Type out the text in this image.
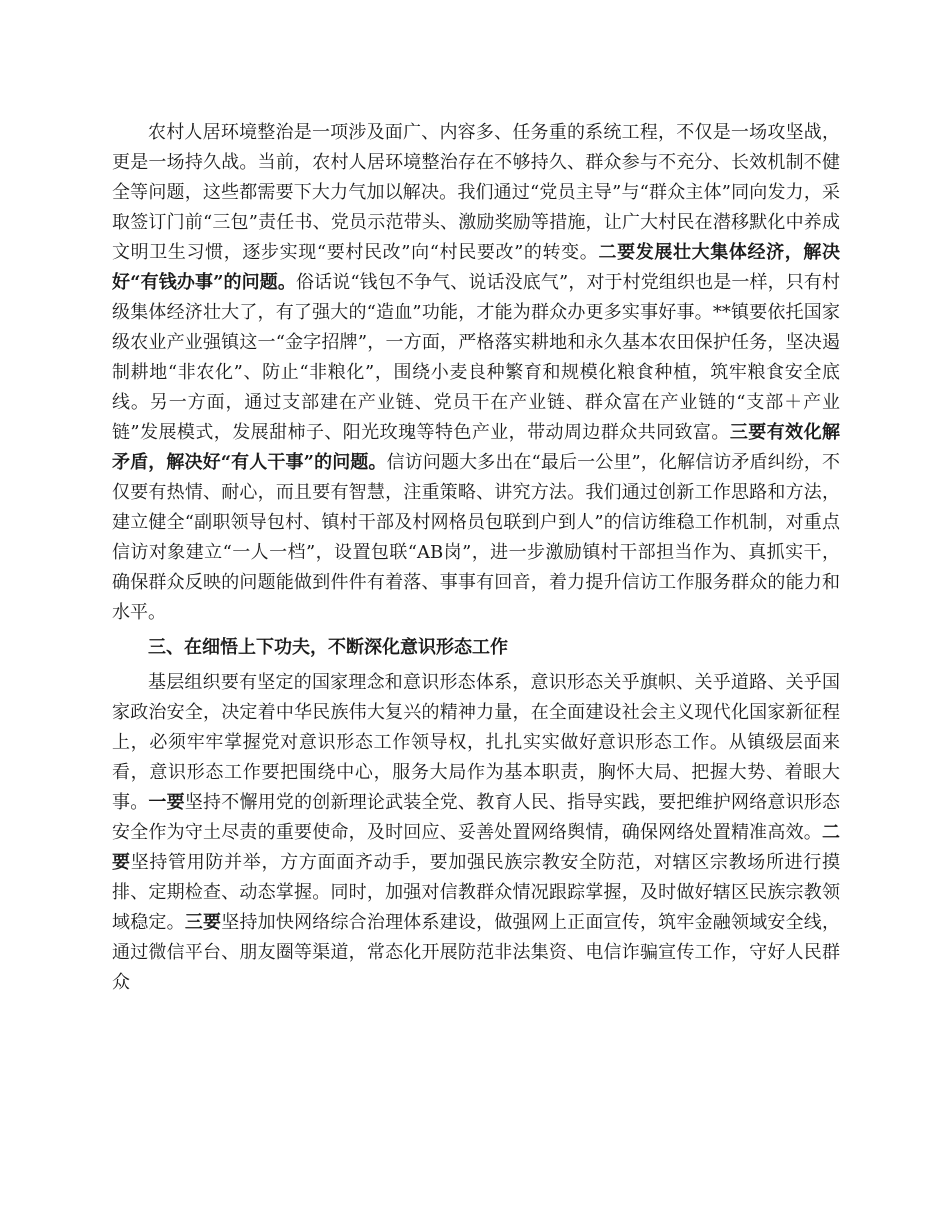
农村人居环境整治是一项涉及面广、内容多、任务重的系统工程，不仅是一场攻坚战，更是一场持久战。当前，农村人居环境整治存在不够持久、群众参与不充分、长效机制不健全等问题，这些都需要下大力气加以解决。我们通过“党员主导”与“群众主体”同向发力，采取签订门前“三包”责任书、党员示范带头、激励奖励等措施，让广大村民在潜移默化中养成文明卫生习惯，逐步实现“要村民改”向“村民要改”的转变。二要发展壮大集体经济，解决好“有钱办事”的问题。俗话说“钱包不争气、说话没底气”，对于村党组织也是一样，只有村级集体经济壮大了，有了强大的“造血”功能，才能为群众办更多实事好事。**镇要依托国家级农业产业强镇这一“金字招牌”，一方面，严格落实耕地和永久基本农田保护任务，坚决遏制耕地“非农化”、防止“非粮化”，围绕小麦良种繁育和规模化粮食种植，筑牢粮食安全底线。另一方面，通过支部建在产业链、党员干在产业链、群众富在产业链的“支部＋产业链”发展模式，发展甜柿子、阳光玫瑰等特色产业，带动周边群众共同致富。三要有效化解矛盾，解决好“有人干事”的问题。信访问题大多出在“最后一公里”，化解信访矛盾纠纷，不仅要有热情、耐心，而且要有智慧，注重策略、讲究方法。我们通过创新工作思路和方法，建立健全“副职领导包村、镇村干部及村网格员包联到户到人”的信访维稳工作机制，对重点信访对象建立“一人一档”，设置包联“AB岗”，进一步激励镇村干部担当作为、真抓实干，确保群众反映的问题能做到件件有着落、事事有回音，着力提升信访工作服务群众的能力和水平。

三、在细悟上下功夫，不断深化意识形态工作

基层组织要有坚定的国家理念和意识形态体系，意识形态关乎旗帜、关乎道路、关乎国家政治安全，决定着中华民族伟大复兴的精神力量，在全面建设社会主义现代化国家新征程上，必须牢牢掌握党对意识形态工作领导权，扎扎实实做好意识形态工作。从镇级层面来看，意识形态工作要把围绕中心，服务大局作为基本职责，胸怀大局、把握大势、着眼大事。一要坚持不懈用党的创新理论武装全党、教育人民、指导实践，要把维护网络意识形态安全作为守土尽责的重要使命，及时回应、妥善处置网络舆情，确保网络处置精准高效。二要坚持管用防并举，方方面面齐动手，要加强民族宗教安全防范，对辖区宗教场所进行摸排、定期检查、动态掌握。同时，加强对信教群众情况跟踪掌握，及时做好辖区民族宗教领域稳定。三要坚持加快网络综合治理体系建设，做强网上正面宣传，筑牢金融领域安全线，通过微信平台、朋友圈等渠道，常态化开展防范非法集资、电信诈骗宣传工作，守好人民群众
